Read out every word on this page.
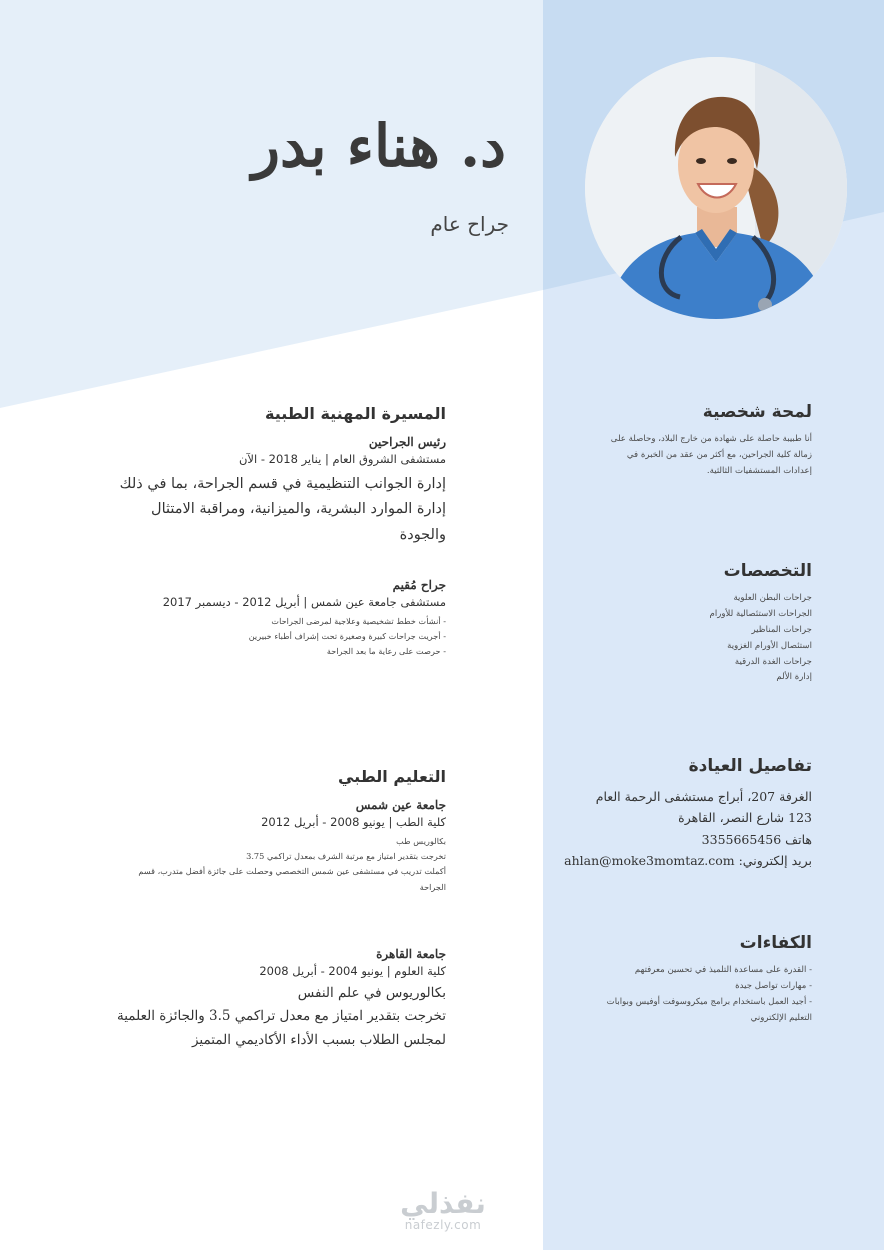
د. هناء بدر
جراح عام
لمحة شخصية
أنا طبيبة حاصلة على شهادة من خارج البلاد، وحاصلة على
زمالة كلية الجراحين، مع أكثر من عقد من الخبرة في
إعدادات المستشفيات الثالثية.
التخصصات
جراحات البطن العلوية
الجراحات الاستئصالية للأورام
جراحات المناظير
استئصال الأورام الغزوية
جراحات الغدة الدرقية
إدارة الألم
تفاصيل العيادة
الغرفة 207، أبراج مستشفى الرحمة العام
123 شارع النصر، القاهرة
هاتف 3355665456
بريد إلكتروني: ahlan@moke3momtaz.com
الكفاءات
- القدرة على مساعدة التلميذ في تحسين معرفتهم
- مهارات تواصل جيدة
- أجيد العمل باستخدام برامج ميكروسوفت أوفيس وبوابات
التعليم الإلكتروني
المسيرة المهنية الطبية
رئيس الجراحين
مستشفى الشروق العام | يناير 2018 - الآن
إدارة الجوانب التنظيمية في قسم الجراحة، بما في ذلك
إدارة الموارد البشرية، والميزانية، ومراقبة الامتثال والجودة
جراح مُقيم
مستشفى جامعة عين شمس | أبريل 2012 - ديسمبر 2017
- أنشأت خطط تشخيصية وعلاجية لمرضى الجراحات
- أجريت جراحات كبيرة وصغيرة تحت إشراف أطباء خبيرين
- حرصت على رعاية ما بعد الجراحة
التعليم الطبي
جامعة عين شمس
كلية الطب | يونيو 2008 - أبريل 2012
بكالوريس طب
تخرجت بتقدير امتياز مع مرتبة الشرف بمعدل تراكمي 3.75
أكملت تدريب في مستشفى عين شمس التخصصي وحصلت على جائزة أفضل متدرب، قسم
الجراحة
جامعة القاهرة
كلية العلوم | يونيو 2004 - أبريل 2008
بكالوريوس في علم النفس
تخرجت بتقدير امتياز مع معدل تراكمي 3.5 والجائزة العلمية
لمجلس الطلاب بسبب الأداء الأكاديمي المتميز
نفذلي
nafezly.com
